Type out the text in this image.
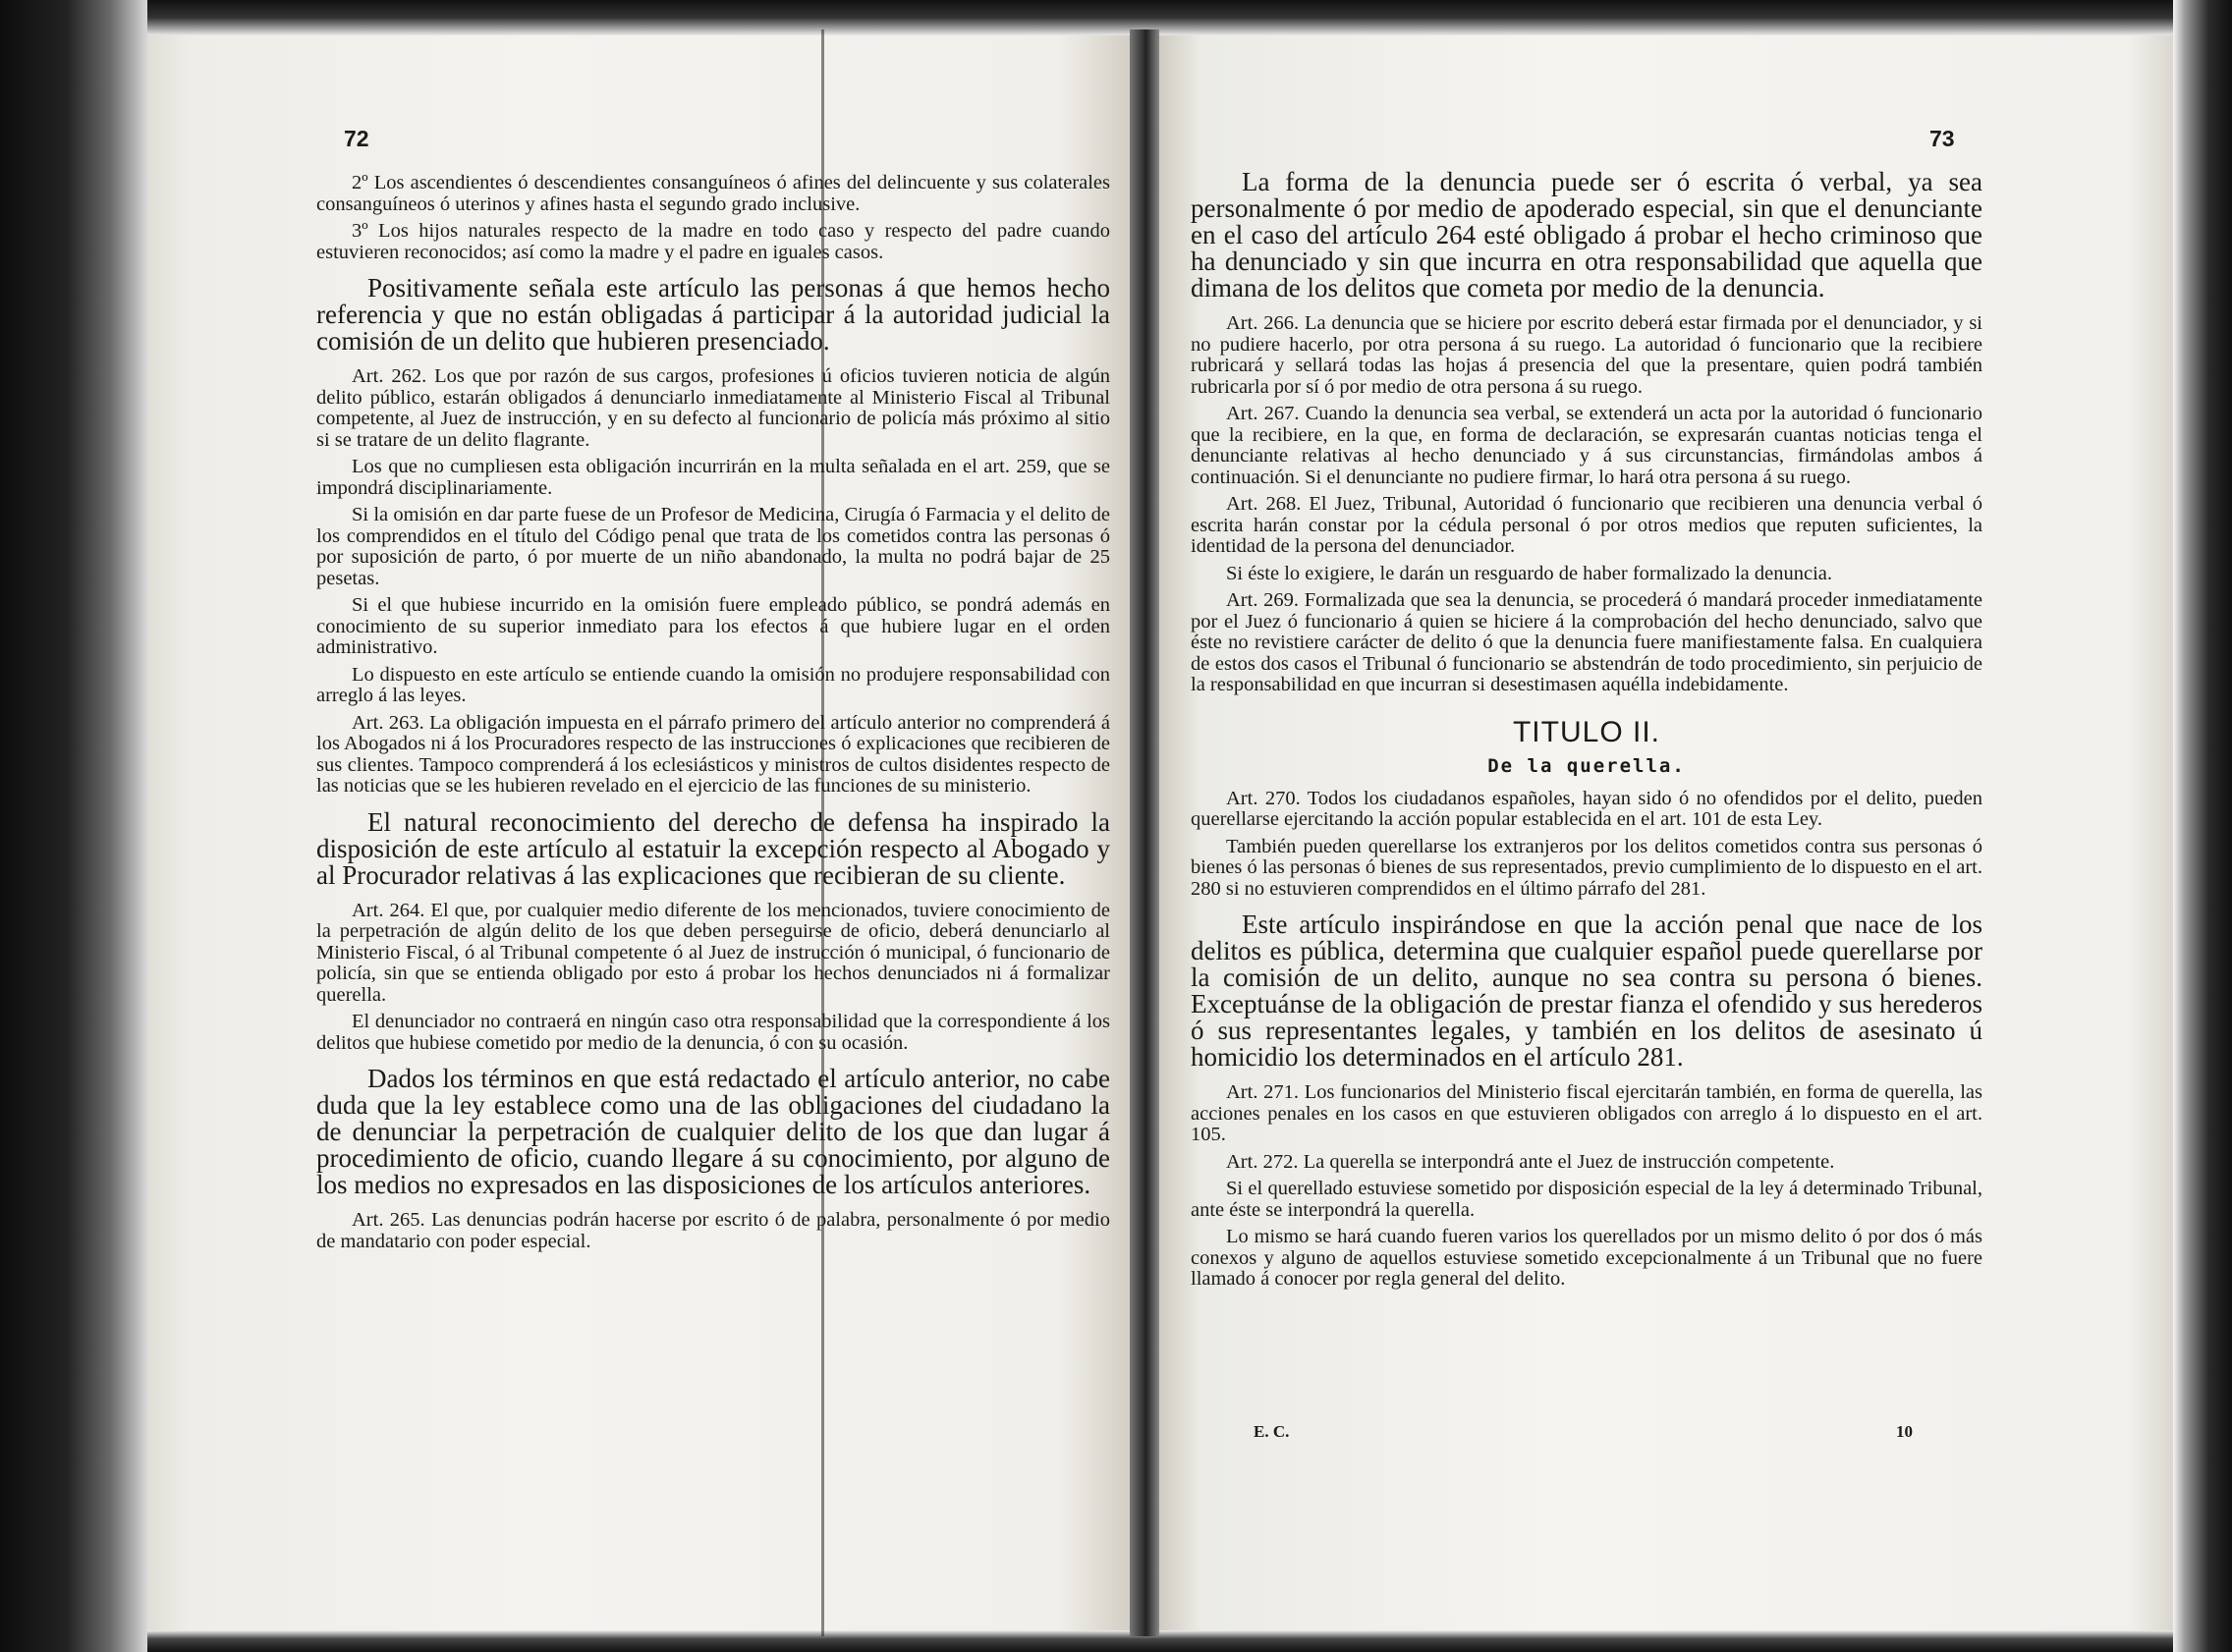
72

2º Los ascendientes ó descendientes consanguíneos ó afines del delincuente y sus colaterales consanguíneos ó uterinos y afines hasta el segundo grado inclusive.

3º Los hijos naturales respecto de la madre en todo caso y respecto del padre cuando estuvieren reconocidos; así como la madre y el padre en iguales casos.

Positivamente señala este artículo las personas á que hemos hecho referencia y que no están obligadas á participar á la autoridad judicial la comisión de un delito que hubieren presenciado.

Art. 262. Los que por razón de sus cargos, profesiones ú oficios tuvieren noticia de algún delito público, estarán obligados á denunciarlo inmediatamente al Ministerio Fiscal al Tribunal competente, al Juez de instrucción, y en su defecto al funcionario de policía más próximo al sitio si se tratare de un delito flagrante.

Los que no cumpliesen esta obligación incurrirán en la multa señalada en el art. 259, que se impondrá disciplinariamente.

Si la omisión en dar parte fuese de un Profesor de Medicina, Cirugía ó Farmacia y el delito de los comprendidos en el título del Código penal que trata de los cometidos contra las personas ó por suposición de parto, ó por muerte de un niño abandonado, la multa no podrá bajar de 25 pesetas.

Si el que hubiese incurrido en la omisión fuere empleado público, se pondrá además en conocimiento de su superior inmediato para los efectos á que hubiere lugar en el orden administrativo.

Lo dispuesto en este artículo se entiende cuando la omisión no produjere responsabilidad con arreglo á las leyes.

Art. 263. La obligación impuesta en el párrafo primero del artículo anterior no comprenderá á los Abogados ni á los Procuradores respecto de las instrucciones ó explicaciones que recibieren de sus clientes. Tampoco comprenderá á los eclesiásticos y ministros de cultos disidentes respecto de las noticias que se les hubieren revelado en el ejercicio de las funciones de su ministerio.

El natural reconocimiento del derecho de defensa ha inspirado la disposición de este artículo al estatuir la excepción respecto al Abogado y al Procurador relativas á las explicaciones que recibieran de su cliente.

Art. 264. El que, por cualquier medio diferente de los mencionados, tuviere conocimiento de la perpetración de algún delito de los que deben perseguirse de oficio, deberá denunciarlo al Ministerio Fiscal, ó al Tribunal competente ó al Juez de instrucción ó municipal, ó funcionario de policía, sin que se entienda obligado por esto á probar los hechos denunciados ni á formalizar querella.

El denunciador no contraerá en ningún caso otra responsabilidad que la correspondiente á los delitos que hubiese cometido por medio de la denuncia, ó con su ocasión.

Dados los términos en que está redactado el artículo anterior, no cabe duda que la ley establece como una de las obligaciones del ciudadano la de denunciar la perpetración de cualquier delito de los que dan lugar á procedimiento de oficio, cuando llegare á su conocimiento, por alguno de los medios no expresados en las disposiciones de los artículos anteriores.

Art. 265. Las denuncias podrán hacerse por escrito ó de palabra, personalmente ó por medio de mandatario con poder especial.

73

La forma de la denuncia puede ser ó escrita ó verbal, ya sea personalmente ó por medio de apoderado especial, sin que el denunciante en el caso del artículo 264 esté obligado á probar el hecho criminoso que ha denunciado y sin que incurra en otra responsabilidad que aquella que dimana de los delitos que cometa por medio de la denuncia.

Art. 266. La denuncia que se hiciere por escrito deberá estar firmada por el denunciador, y si no pudiere hacerlo, por otra persona á su ruego. La autoridad ó funcionario que la recibiere rubricará y sellará todas las hojas á presencia del que la presentare, quien podrá también rubricarla por sí ó por medio de otra persona á su ruego.

Art. 267. Cuando la denuncia sea verbal, se extenderá un acta por la autoridad ó funcionario que la recibiere, en la que, en forma de declaración, se expresarán cuantas noticias tenga el denunciante relativas al hecho denunciado y á sus circunstancias, firmándolas ambos á continuación. Si el denunciante no pudiere firmar, lo hará otra persona á su ruego.

Art. 268. El Juez, Tribunal, Autoridad ó funcionario que recibieren una denuncia verbal ó escrita harán constar por la cédula personal ó por otros medios que reputen suficientes, la identidad de la persona del denunciador.

Si éste lo exigiere, le darán un resguardo de haber formalizado la denuncia.

Art. 269. Formalizada que sea la denuncia, se procederá ó mandará proceder inmediatamente por el Juez ó funcionario á quien se hiciere á la comprobación del hecho denunciado, salvo que éste no revistiere carácter de delito ó que la denuncia fuere manifiestamente falsa. En cualquiera de estos dos casos el Tribunal ó funcionario se abstendrán de todo procedimiento, sin perjuicio de la responsabilidad en que incurran si desestimasen aquélla indebidamente.

TITULO II.
De la querella.

Art. 270. Todos los ciudadanos españoles, hayan sido ó no ofendidos por el delito, pueden querellarse ejercitando la acción popular establecida en el art. 101 de esta Ley.

También pueden querellarse los extranjeros por los delitos cometidos contra sus personas ó bienes ó las personas ó bienes de sus representados, previo cumplimiento de lo dispuesto en el art. 280 si no estuvieren comprendidos en el último párrafo del 281.

Este artículo inspirándose en que la acción penal que nace de los delitos es pública, determina que cualquier español puede querellarse por la comisión de un delito, aunque no sea contra su persona ó bienes. Exceptuánse de la obligación de prestar fianza el ofendido y sus herederos ó sus representantes legales, y también en los delitos de asesinato ú homicidio los determinados en el artículo 281.

Art. 271. Los funcionarios del Ministerio fiscal ejercitarán también, en forma de querella, las acciones penales en los casos en que estuvieren obligados con arreglo á lo dispuesto en el art. 105.

Art. 272. La querella se interpondrá ante el Juez de instrucción competente.

Si el querellado estuviese sometido por disposición especial de la ley á determinado Tribunal, ante éste se interpondrá la querella.

Lo mismo se hará cuando fueren varios los querellados por un mismo delito ó por dos ó más conexos y alguno de aquellos estuviese sometido excepcionalmente á un Tribunal que no fuere llamado á conocer por regla general del delito.

E. C.	10
